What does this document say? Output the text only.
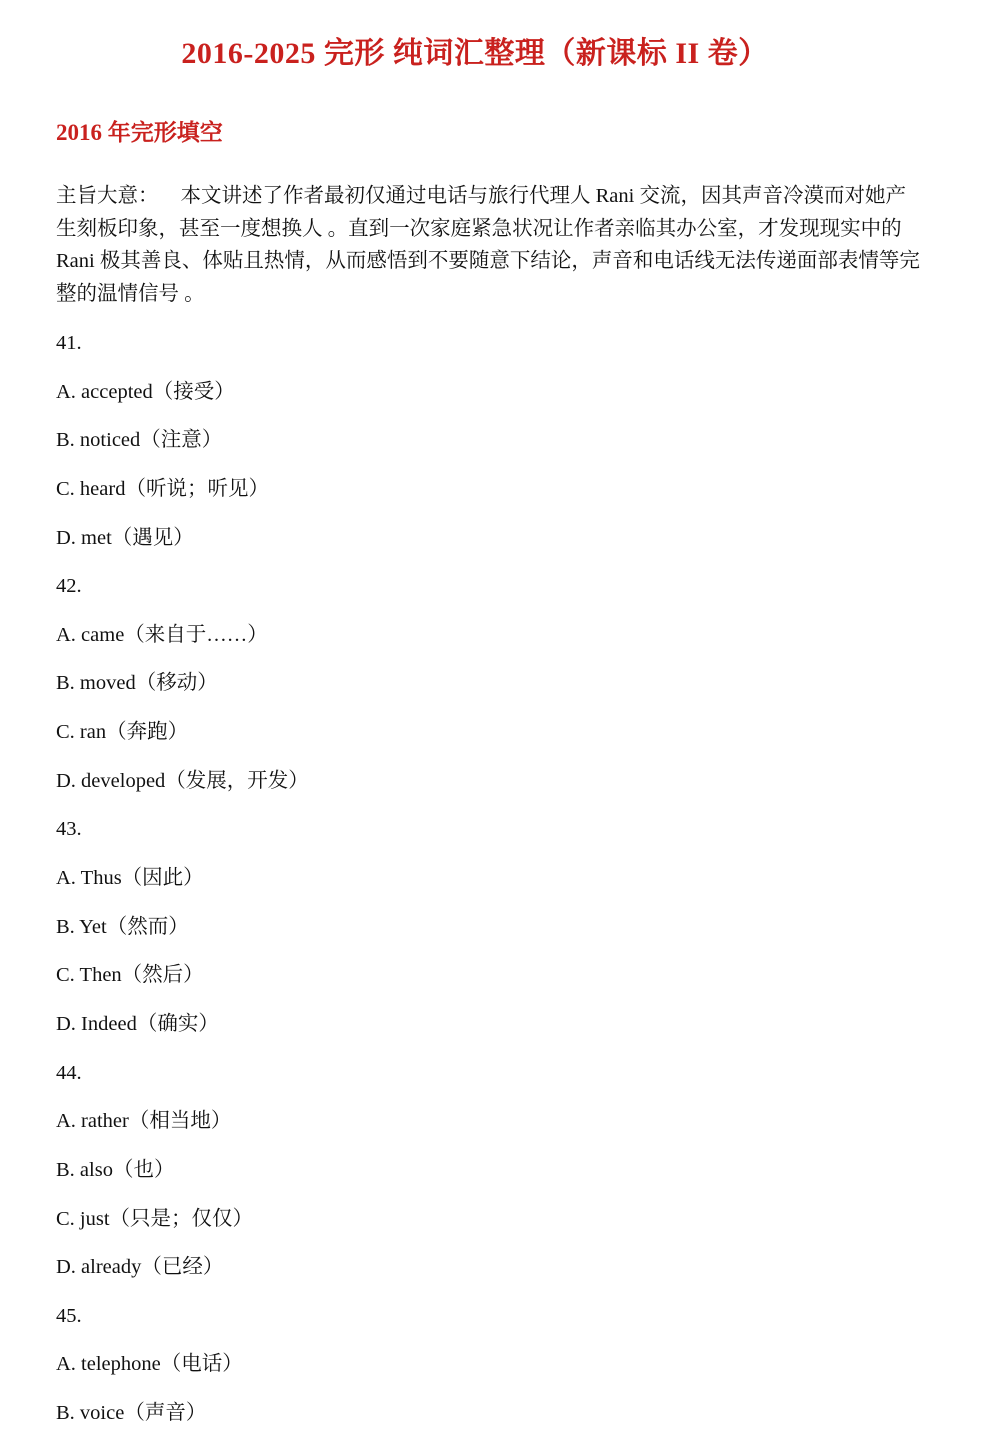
2016-2025 完形 纯词汇整理（新课标 II 卷）
2016 年完形填空
主旨大意： 本文讲述了作者最初仅通过电话与旅行代理人 Rani 交流，因其声音冷漠而对她产生刻板印象，甚至一度想换人 。直到一次家庭紧急状况让作者亲临其办公室，才发现现实中的 Rani 极其善良、体贴且热情，从而感悟到不要随意下结论，声音和电话线无法传递面部表情等完整的温情信号 。
41.
A. accepted（接受）
B. noticed（注意）
C. heard（听说；听见）
D. met（遇见）
42.
A. came（来自于……）
B. moved（移动）
C. ran（奔跑）
D. developed（发展，开发）
43.
A. Thus（因此）
B. Yet（然而）
C. Then（然后）
D. Indeed（确实）
44.
A. rather（相当地）
B. also（也）
C. just（只是；仅仅）
D. already（已经）
45.
A. telephone（电话）
B. voice（声音）
